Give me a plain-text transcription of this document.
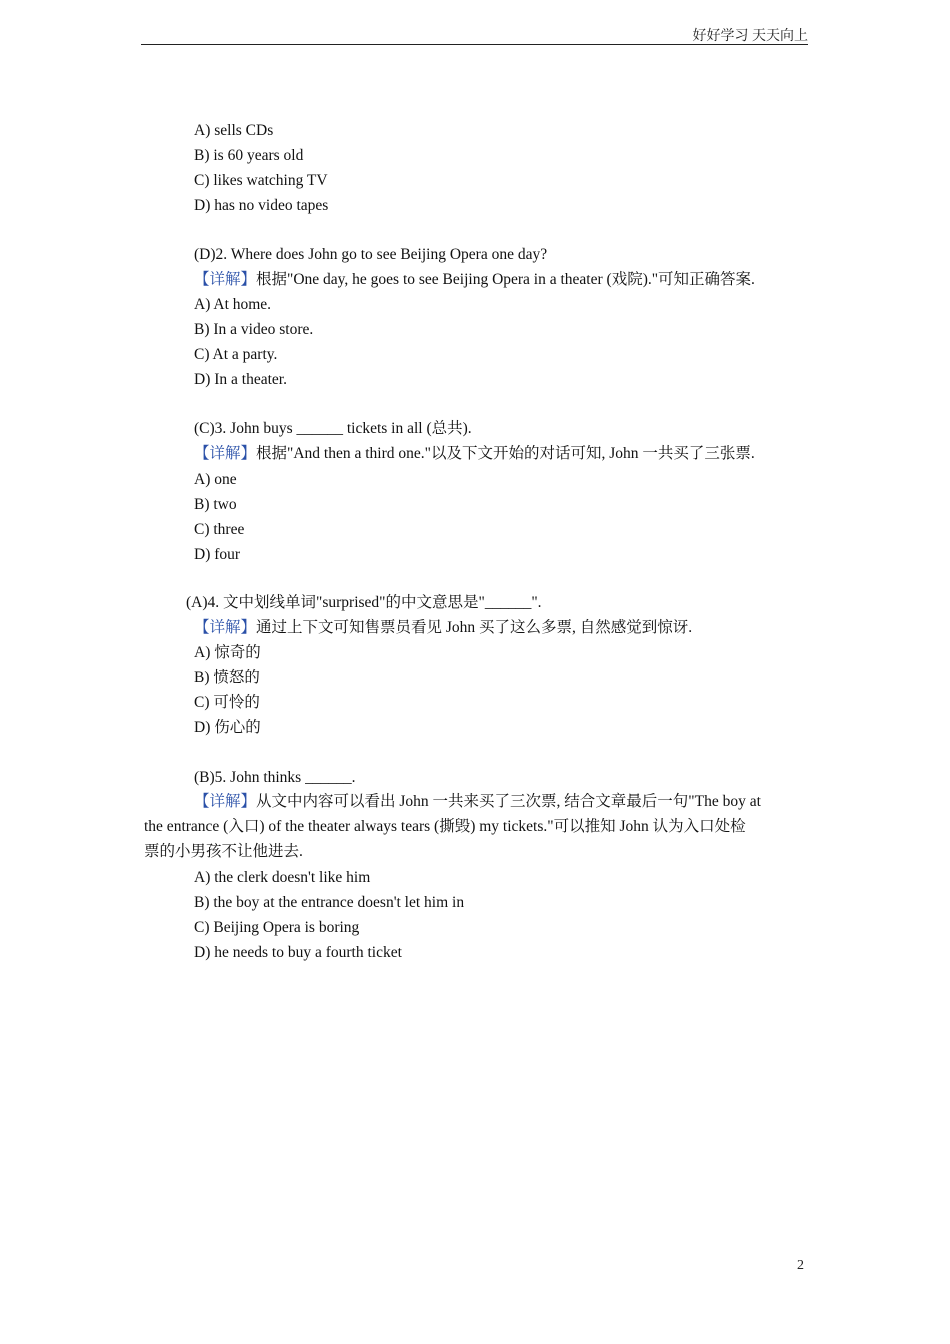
好好学习 天天向上
A) sells CDs
B) is 60 years old
C) likes watching TV
D) has no video tapes
(D)2. Where does John go to see Beijing Opera one day?
【详解】根据"One day, he goes to see Beijing Opera in a theater (戏院)."可知正确答案.
A) At home.
B) In a video store.
C) At a party.
D) In a theater.
(C)3. John buys ______ tickets in all (总共).
【详解】根据"And then a third one."以及下文开始的对话可知, John 一共买了三张票.
A) one
B) two
C) three
D) four
(A)4. 文中划线单词"surprised"的中文意思是"______".
【详解】通过上下文可知售票员看见 John 买了这么多票, 自然感觉到惊讶.
A) 惊奇的
B) 愤怒的
C) 可怜的
D) 伤心的
(B)5. John thinks ______.
【详解】从文中内容可以看出 John 一共来买了三次票, 结合文章最后一句"The boy at
the entrance (入口) of the theater always tears (撕毁) my tickets."可以推知 John 认为入口处检
票的小男孩不让他进去.
A) the clerk doesn't like him
B) the boy at the entrance doesn't let him in
C) Beijing Opera is boring
D) he needs to buy a fourth ticket
2
